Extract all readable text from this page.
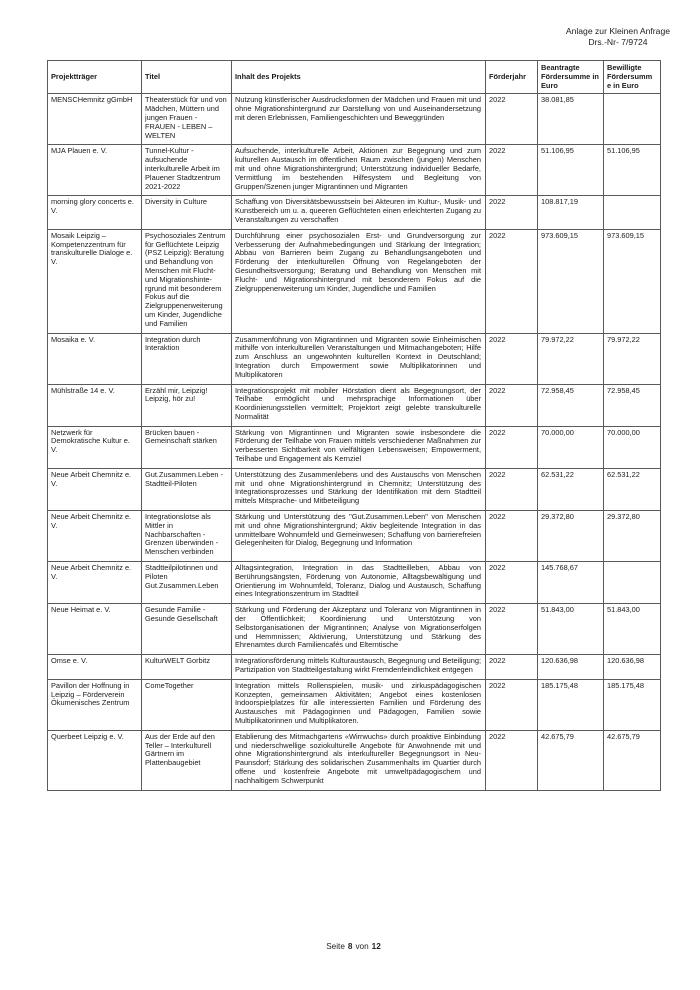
Anlage zur Kleinen Anfrage
Drs.-Nr- 7/9724
Projektträger	Titel	Inhalt des Projekts	Förderjahr	Beantragte Fördersumme in Euro	Bewilligte Fördersumme in Euro
MENSCHemnitz gGmbH	Theaterstück für und von Mädchen, Müttern und jungen Frauen - FRAUEN - LEBEN – WELTEN	Nutzung künstlerischer Ausdrucksformen der Mädchen und Frauen mit und ohne Migrationshintergrund zur Darstellung von und Auseinandersetzung mit deren Erlebnissen, Familiengeschichten und Beweggründen	2022	38.081,85	
MJA Plauen e. V.	Tunnel-Kultur - aufsuchende interkulturelle Arbeit im Plauener Stadtzentrum 2021-2022	Aufsuchende, interkulturelle Arbeit, Aktionen zur Begegnung und zum kulturellen Austausch im öffentlichen Raum zwischen (jungen) Menschen mit und ohne Migrationshintergrund; Unterstützung individueller Bedarfe, Vermittlung im bestehenden Hilfesystem und Begleitung von Gruppen/Szenen junger Migrantinnen und Migranten	2022	51.106,95	51.106,95
morning glory concerts e. V.	Diversity in Culture	Schaffung von Diversitätsbewusstsein bei Akteuren im Kultur-, Musik- und Kunstbereich um u. a. queeren Geflüchteten einen erleichterten Zugang zu Veranstaltungen zu verschaffen	2022	108.817,19	
Mosaik Leipzig – Kompetenzzentrum für transkulturelle Dialoge e. V.	Psychosoziales Zentrum für Geflüchtete Leipzig (PSZ Leipzig): Beratung und Behandlung von Menschen mit Flucht- und Migrationshintergrund mit besonderem Fokus auf die Zielgruppenerweiterung um Kinder, Jugendliche und Familien	Durchführung einer psychosozialen Erst- und Grundversorgung zur Verbesserung der Aufnahmebedingungen und Stärkung der Integration; Abbau von Barrieren beim Zugang zu Behandlungsangeboten und Förderung der interkulturellen Öffnung von Regelangeboten der Gesundheitsversorgung; Beratung und Behandlung von Menschen mit Flucht- und Migrationshintergrund mit besonderem Fokus auf die Zielgruppenerweiterung um Kinder, Jugendliche und Familien	2022	973.609,15	973.609,15
Mosaika e. V.	Integration durch Interaktion	Zusammenführung von Migrantinnen und Migranten sowie Einheimischen mithilfe von interkulturellen Veranstaltungen und Mitmachangeboten; Hilfe zum Anschluss an ungewohnten kulturellen Kontext in Deutschland; Integration durch Empowerment sowie Multiplikatorinnen und Multiplikatoren	2022	79.972,22	79.972,22
Mühlstraße 14 e. V.	Erzähl mir, Leipzig! Leipzig, hör zu!	Integrationsprojekt mit mobiler Hörstation dient als Begegnungsort, der Teilhabe ermöglicht und mehrsprachige Informationen über Koordinierungsstellen vermittelt; Projektort zeigt gelebte transkulturelle Normalität	2022	72.958,45	72.958,45
Netzwerk für Demokratische Kultur e. V.	Brücken bauen - Gemeinschaft stärken	Stärkung von Migrantinnen und Migranten sowie insbesondere die Förderung der Teilhabe von Frauen mittels verschiedener Maßnahmen zur verbesserten Sichtbarkeit von vielfältigen Lebensweisen; Empowerment, Teilhabe und Engagement als Kernziel	2022	70.000,00	70.000,00
Neue Arbeit Chemnitz e. V.	Gut.Zusammen.Leben - Stadtteil-Piloten	Unterstützung des Zusammenlebens und des Austauschs von Menschen mit und ohne Migrationshintergrund in Chemnitz; Unterstützung des Integrationsprozesses und Stärkung der Identifikation mit dem Stadtteil mittels Mitsprache- und Mitbeteiligung	2022	62.531,22	62.531,22
Neue Arbeit Chemnitz e. V.	Integrationslotse als Mittler in Nachbarschaften - Grenzen überwinden - Menschen verbinden	Stärkung und Unterstützung des "Gut.Zusammen.Leben" von Menschen mit und ohne Migrationshintergrund; Aktiv begleitende Integration in das unmittelbare Wohnumfeld und Gemeinwesen; Schaffung von barrierefreien Gelegenheiten für Dialog, Begegnung und Information	2022	29.372,80	29.372,80
Neue Arbeit Chemnitz e. V.	Stadtteilpilotinnen und Piloten Gut.Zusammen.Leben	Alltagsintegration, Integration in das Stadtteilleben, Abbau von Berührungsängsten, Förderung von Autonomie, Alltagsbewältigung und Orientierung im Wohnumfeld, Toleranz, Dialog und Austausch, Schaffung eines Integrationszentrum im Stadtteil	2022	145.768,67	
Neue Heimat e. V.	Gesunde Familie - Gesunde Gesellschaft	Stärkung und Förderung der Akzeptanz und Toleranz von Migrantinnen in der Öffentlichkeit; Koordinierung und Unterstützung von Selbstorganisationen der Migrantinnen; Analyse von Migrationserfolgen und Hemmnissen; Aktivierung, Unterstützung und Stärkung des Ehrenamtes durch Familiencafés und Elterntische	2022	51.843,00	51.843,00
Omse e. V.	KulturWELT Gorbitz	Integrationsförderung mittels Kulturaustausch, Begegnung und Beteiligung; Partizipation von Stadtteilgestaltung wirkt Fremdenfeindlichkeit entgegen	2022	120.636,98	120.636,98
Pavillon der Hoffnung in Leipzig – Förderverein Ökumenisches Zentrum	ComeTogether	Integration mittels Rollenspielen, musik- und zirkuspädagogischen Konzepten, gemeinsamen Aktivitäten; Angebot eines kostenlosen Indoorspielplatzes für alle interessierten Familien und Förderung des Austausches mit Pädagoginnen und Pädagogen, Familien sowie Multiplikatorinnen und Multiplikatoren.	2022	185.175,48	185.175,48
Querbeet Leipzig e. V.	Aus der Erde auf den Teller – Interkulturell Gärtnern im Plattenbaugebiet	Etablierung des Mitmachgartens «Wirrwuchs» durch proaktive Einbindung und niederschwellige soziokulturelle Angebote für Anwohnende mit und ohne Migrationshintergrund als interkultureller Begegnungsort in Neu-Paunsdorf; Stärkung des solidarischen Zusammenhalts im Quartier durch offene und kostenfreie Angebote mit umweltpädagogischem und nachhaltigem Schwerpunkt	2022	42.675,79	42.675,79
Seite 8 von 12
